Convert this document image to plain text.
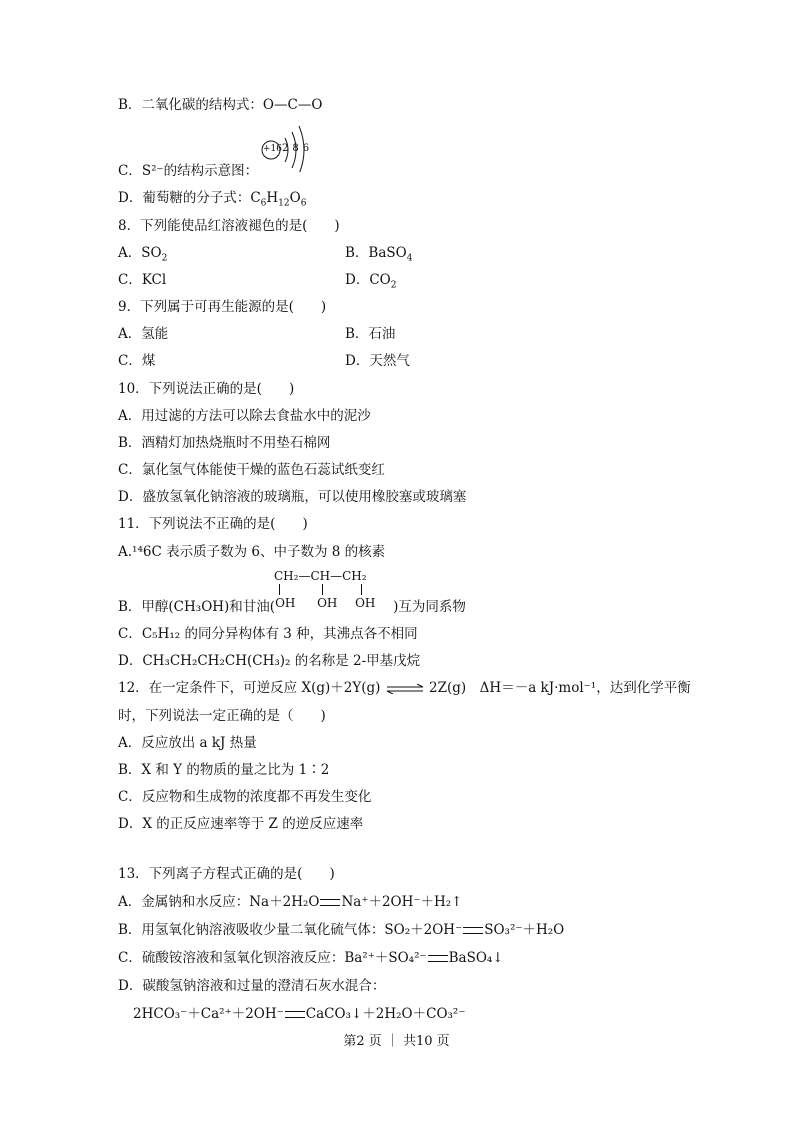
B．二氧化碳的结构式：O—C—O
C．S²⁻的结构示意图：
+16 286
D．葡萄糖的分子式：$C_6H_{12}O_6$
8．下列能使品红溶液褪色的是(　　)
A．$SO_2$	B．BaSO$_4$
C．KCl	D．$CO_2$
9．下列属于可再生能源的是(　　)
A．氢能	B．石油
C．煤	D．天然气
10．下列说法正确的是(　　)
A．用过滤的方法可以除去食盐水中的泥沙
B．酒精灯加热烧瓶时不用垫石棉网
C．氯化氢气体能使干燥的蓝色石蕊试纸变红
D．盛放氢氧化钠溶液的玻璃瓶，可以使用橡胶塞或玻璃塞
11．下列说法不正确的是(　　)
A.¹⁴6C 表示质子数为 6、中子数为 8 的核素
CH₂—CH—CH₂
B．甲醇(CH₃OH)和甘油( OH OH OH )互为同系物
C．C₅H₁₂ 的同分异构体有 3 种，其沸点各不相同
D．CH₃CH₂CH₂CH(CH₃)₂ 的名称是 2-甲基戊烷
12．在一定条件下，可逆反应 X(g)＋2Y(g) ⇌ 2Z(g)　ΔH＝－a kJ·mol⁻¹，达到化学平衡
时，下列说法一定正确的是（　　)
A．反应放出 a kJ 热量
B．X 和 Y 的物质的量之比为 1∶2
C．反应物和生成物的浓度都不再发生变化
D．X 的正反应速率等于 Z 的逆反应速率
13．下列离子方程式正确的是(　　)
A．金属钠和水反应：Na＋2H₂O Na⁺＋2OH⁻＋H₂↑
B．用氢氧化钠溶液吸收少量二氧化硫气体：SO₂＋2OH⁻ SO₃²⁻＋H₂O
C．硫酸铵溶液和氢氧化钡溶液反应：Ba²⁺＋SO₄²⁻ BaSO₄↓
D．碳酸氢钠溶液和过量的澄清石灰水混合：
2HCO₃⁻＋Ca²⁺＋2OH⁻ CaCO₃↓＋2H₂O＋CO₃²⁻
第2 页 ｜ 共10 页
